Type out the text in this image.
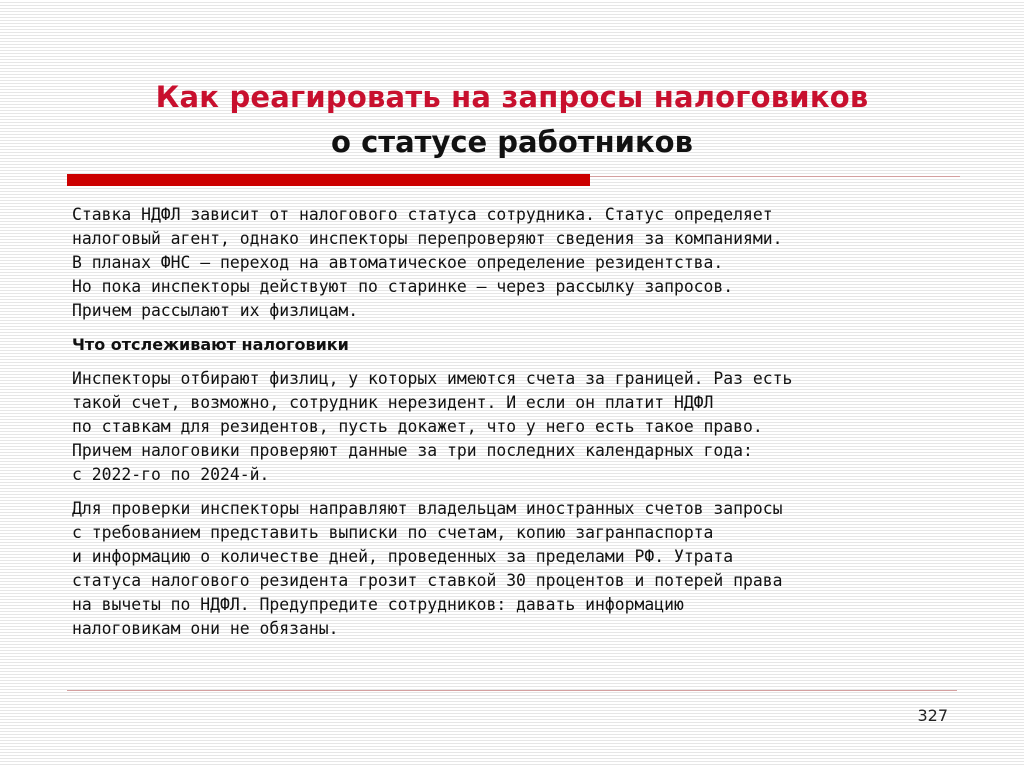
Как реагировать на запросы налоговиков
о статусе работников
Ставка НДФЛ зависит от налогового статуса сотрудника. Статус определяет
налоговый агент, однако инспекторы перепроверяют сведения за компаниями.
В планах ФНС — переход на автоматическое определение резидентства.
Но пока инспекторы действуют по старинке — через рассылку запросов.
Причем рассылают их физлицам.
Что отслеживают налоговики
Инспекторы отбирают физлиц, у которых имеются счета за границей. Раз есть
такой счет, возможно, сотрудник нерезидент. И если он платит НДФЛ
по ставкам для резидентов, пусть докажет, что у него есть такое право.
Причем налоговики проверяют данные за три последних календарных года:
с 2022-го по 2024-й.
Для проверки инспекторы направляют владельцам иностранных счетов запросы
с требованием представить выписки по счетам, копию загранпаспорта
и информацию о количестве дней, проведенных за пределами РФ. Утрата
статуса налогового резидента грозит ставкой 30 процентов и потерей права
на вычеты по НДФЛ. Предупредите сотрудников: давать информацию
налоговикам они не обязаны.
327
